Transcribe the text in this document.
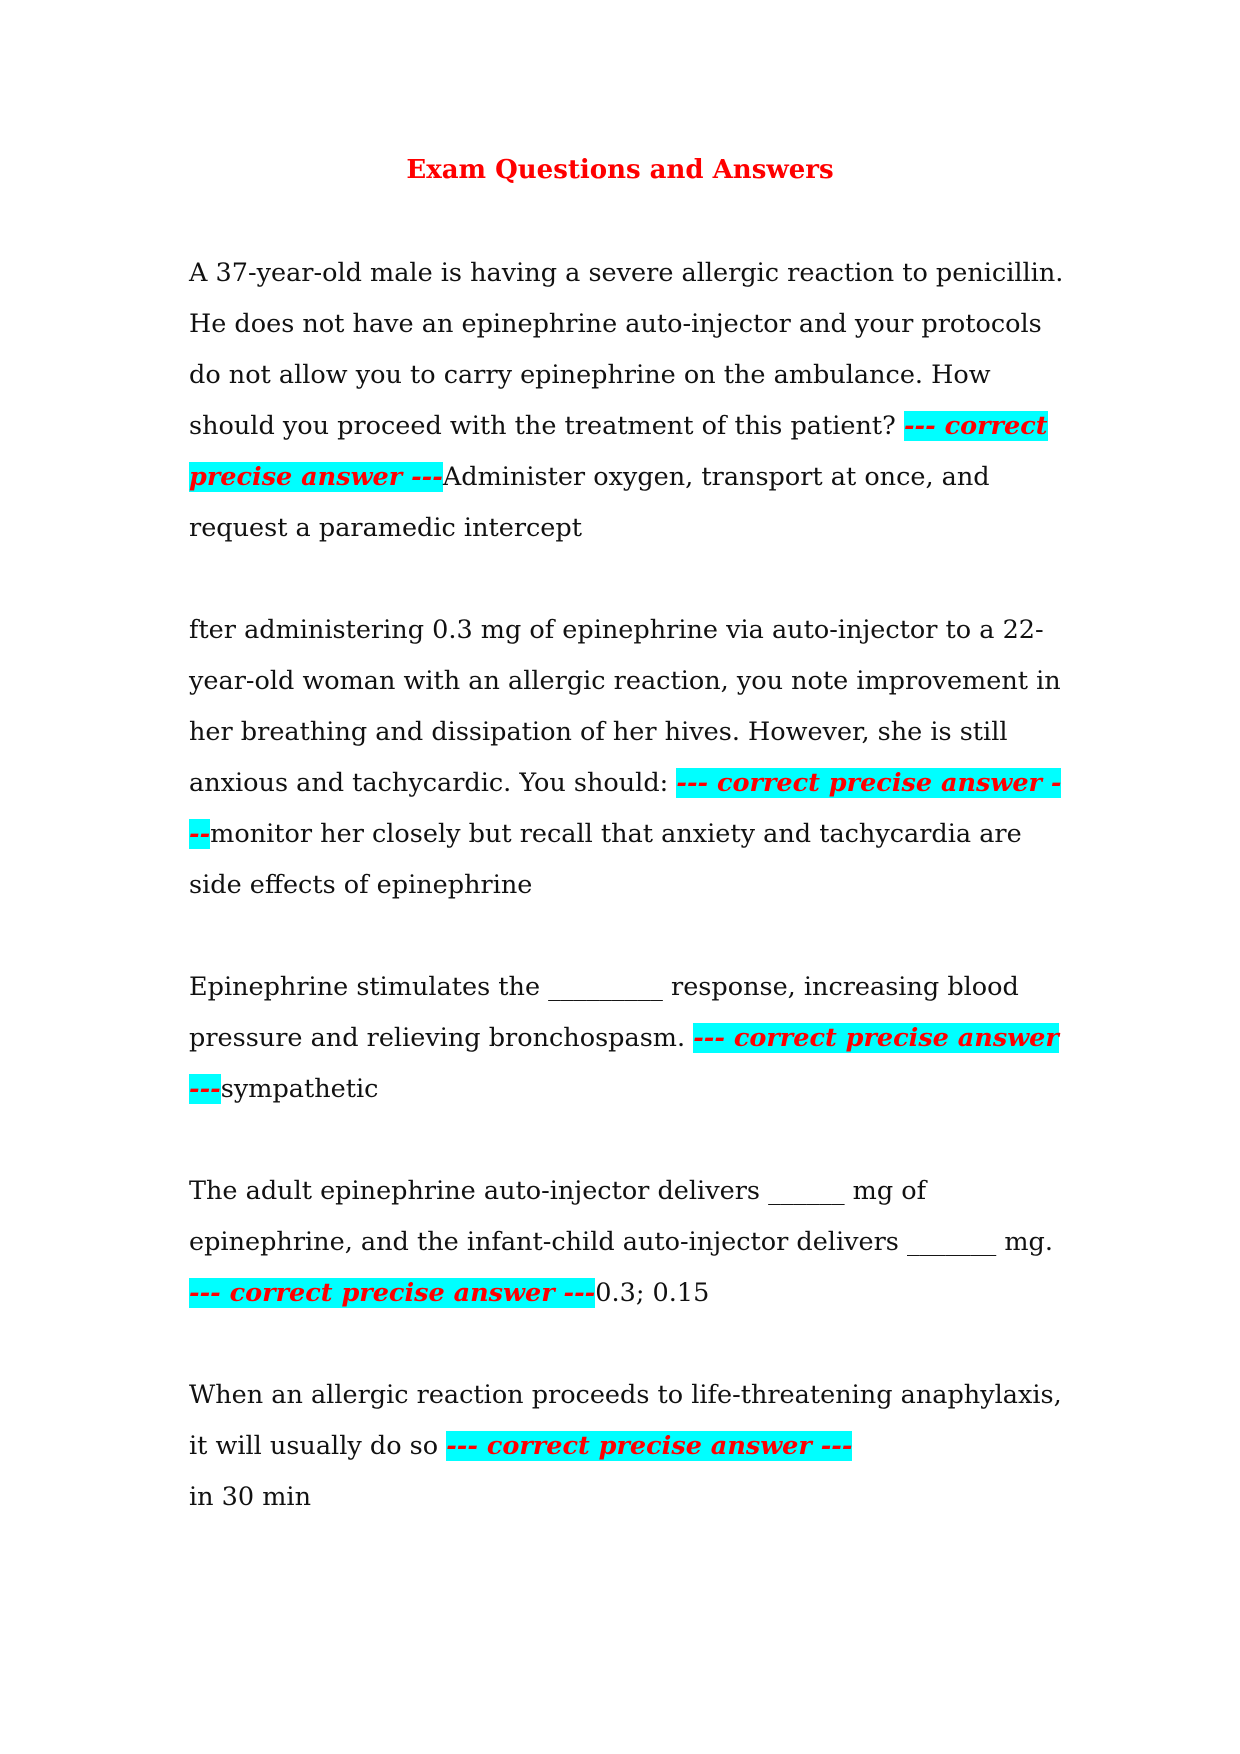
Exam Questions and Answers

A 37-year-old male is having a severe allergic reaction to penicillin. He does not have an epinephrine auto-injector and your protocols do not allow you to carry epinephrine on the ambulance. How should you proceed with the treatment of this patient? --- correct precise answer ---Administer oxygen, transport at once, and request a paramedic intercept

fter administering 0.3 mg of epinephrine via auto-injector to a 22-year-old woman with an allergic reaction, you note improvement in her breathing and dissipation of her hives. However, she is still anxious and tachycardic. You should: --- correct precise answer ---monitor her closely but recall that anxiety and tachycardia are side effects of epinephrine

Epinephrine stimulates the _________ response, increasing blood pressure and relieving bronchospasm. --- correct precise answer ---sympathetic

The adult epinephrine auto-injector delivers ______ mg of epinephrine, and the infant-child auto-injector delivers _______ mg. --- correct precise answer ---0.3; 0.15

When an allergic reaction proceeds to life-threatening anaphylaxis, it will usually do so --- correct precise answer ---
in 30 min
